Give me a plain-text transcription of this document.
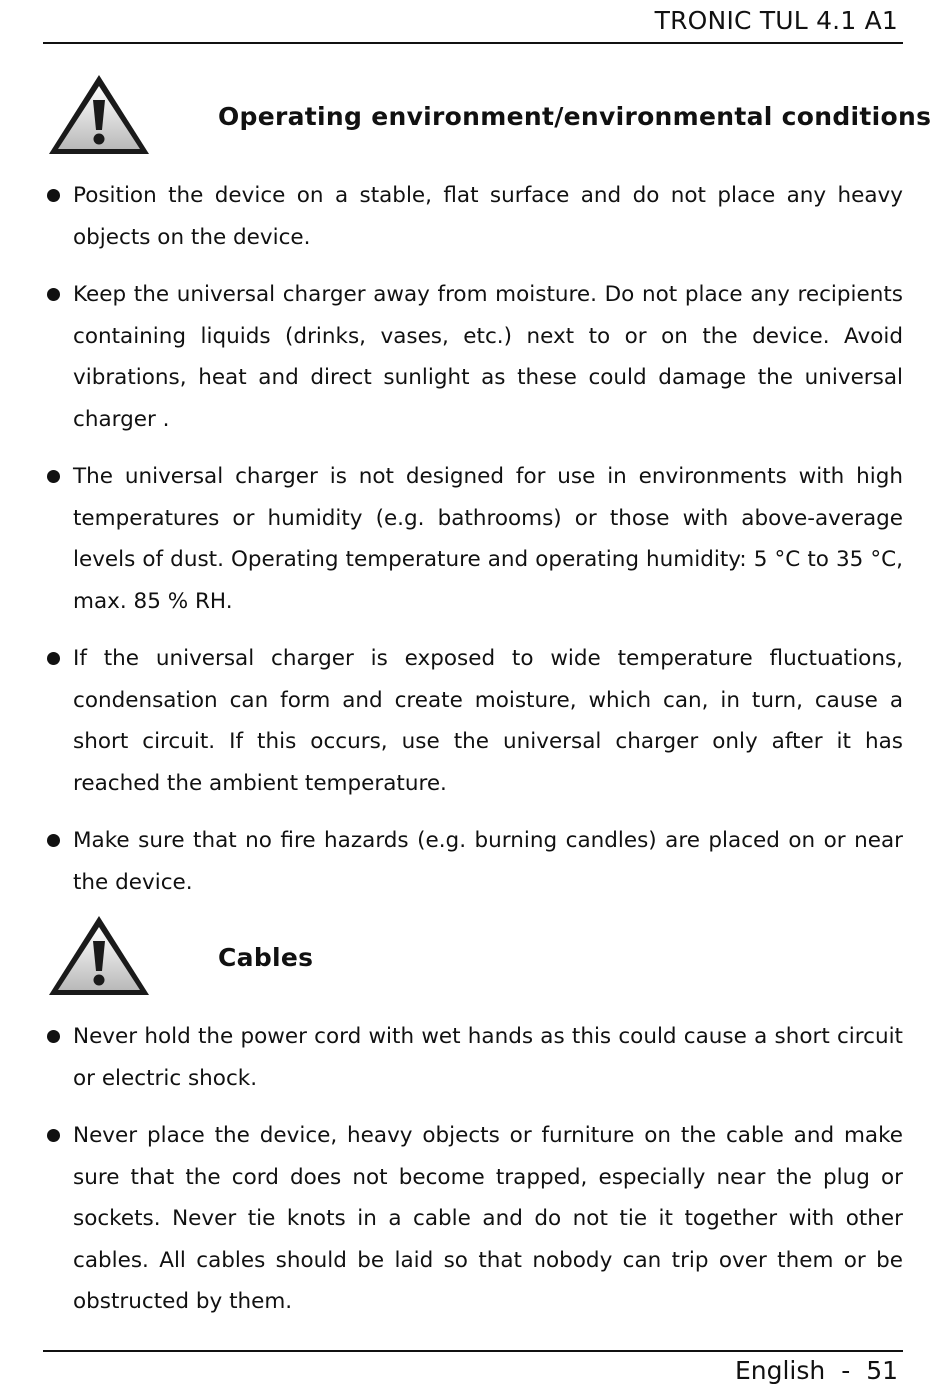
TRONIC TUL 4.1 A1
Operating environment/environmental conditions
Position the device on a stable, flat surface and do not place any heavy objects on the device.
Keep the universal charger away from moisture. Do not place any recipients containing liquids (drinks, vases, etc.) next to or on the device. Avoid vibrations, heat and direct sunlight as these could damage the universal charger .
The universal charger is not designed for use in environments with high temperatures or humidity (e.g. bathrooms) or those with above-average levels of dust. Operating temperature and operating humidity: 5 °C to 35 °C, max. 85 % RH.
If the universal charger is exposed to wide temperature fluctuations, condensation can form and create moisture, which can, in turn, cause a short circuit. If this occurs, use the universal charger only after it has reached the ambient temperature.
Make sure that no fire hazards (e.g. burning candles) are placed on or near the device.
Cables
Never hold the power cord with wet hands as this could cause a short circuit or electric shock.
Never place the device, heavy objects or furniture on the cable and make sure that the cord does not become trapped, especially near the plug or sockets. Never tie knots in a cable and do not tie it together with other cables. All cables should be laid so that nobody can trip over them or be obstructed by them.
English - 51
